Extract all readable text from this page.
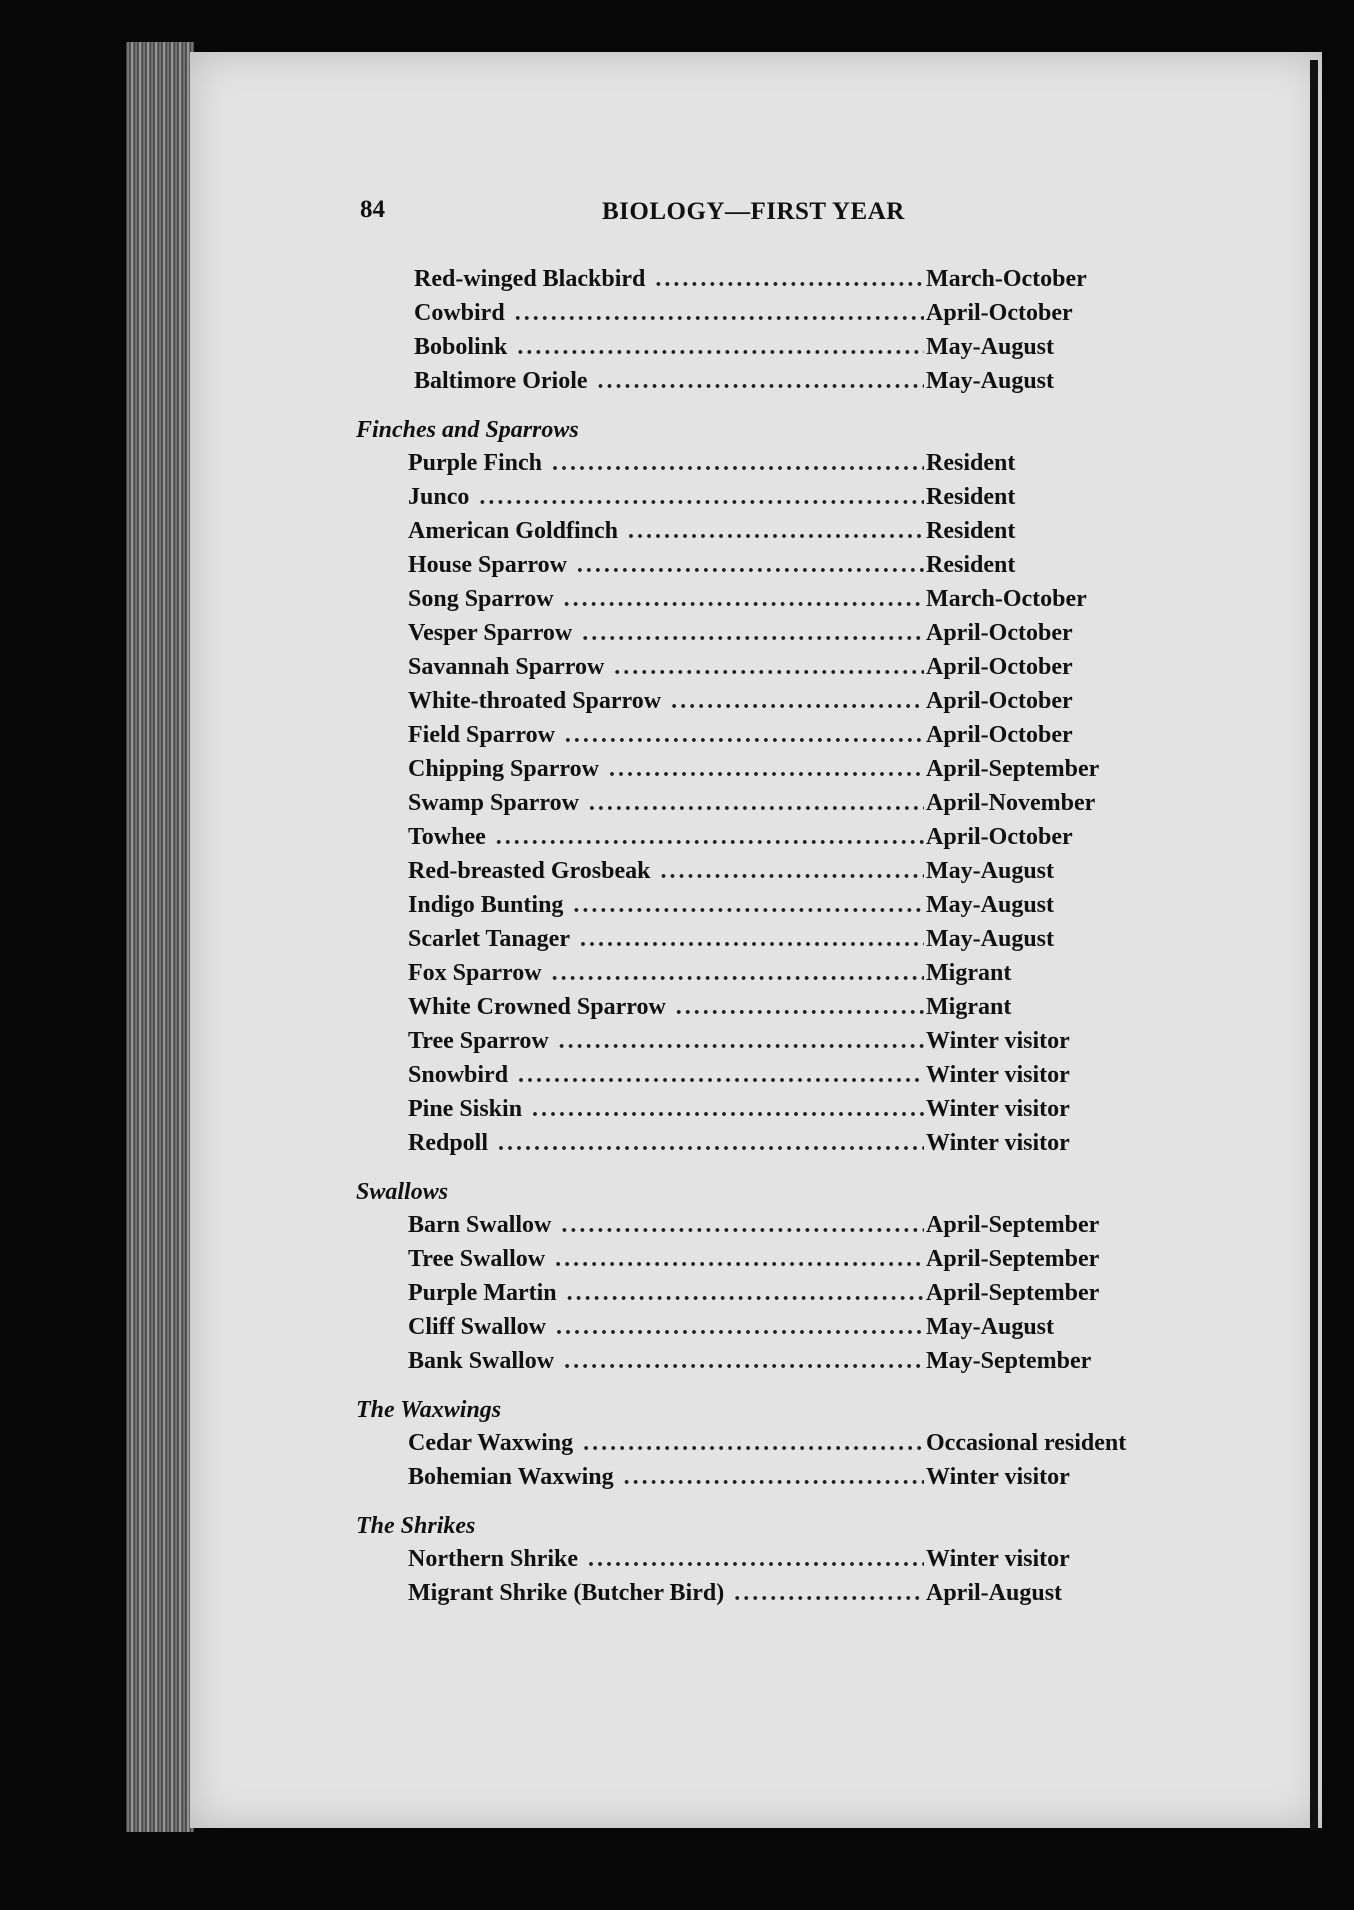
84	BIOLOGY—FIRST YEAR
Red-winged Blackbird .....	March-October
Cowbird .....	April-October
Bobolink .....	May-August
Baltimore Oriole .....	May-August
Finches and Sparrows
Purple Finch .....	Resident
Junco .....	Resident
American Goldfinch .....	Resident
House Sparrow .....	Resident
Song Sparrow .....	March-October
Vesper Sparrow .....	April-October
Savannah Sparrow .....	April-October
White-throated Sparrow .....	April-October
Field Sparrow .....	April-October
Chipping Sparrow .....	April-September
Swamp Sparrow .....	April-November
Towhee .....	April-October
Red-breasted Grosbeak .....	May-August
Indigo Bunting .....	May-August
Scarlet Tanager .....	May-August
Fox Sparrow .....	Migrant
White Crowned Sparrow .....	Migrant
Tree Sparrow .....	Winter visitor
Snowbird .....	Winter visitor
Pine Siskin .....	Winter visitor
Redpoll .....	Winter visitor
Swallows
Barn Swallow .....	April-September
Tree Swallow .....	April-September
Purple Martin .....	April-September
Cliff Swallow .....	May-August
Bank Swallow .....	May-September
The Waxwings
Cedar Waxwing .....	Occasional resident
Bohemian Waxwing .....	Winter visitor
The Shrikes
Northern Shrike .....	Winter visitor
Migrant Shrike (Butcher Bird) .....	April-August
